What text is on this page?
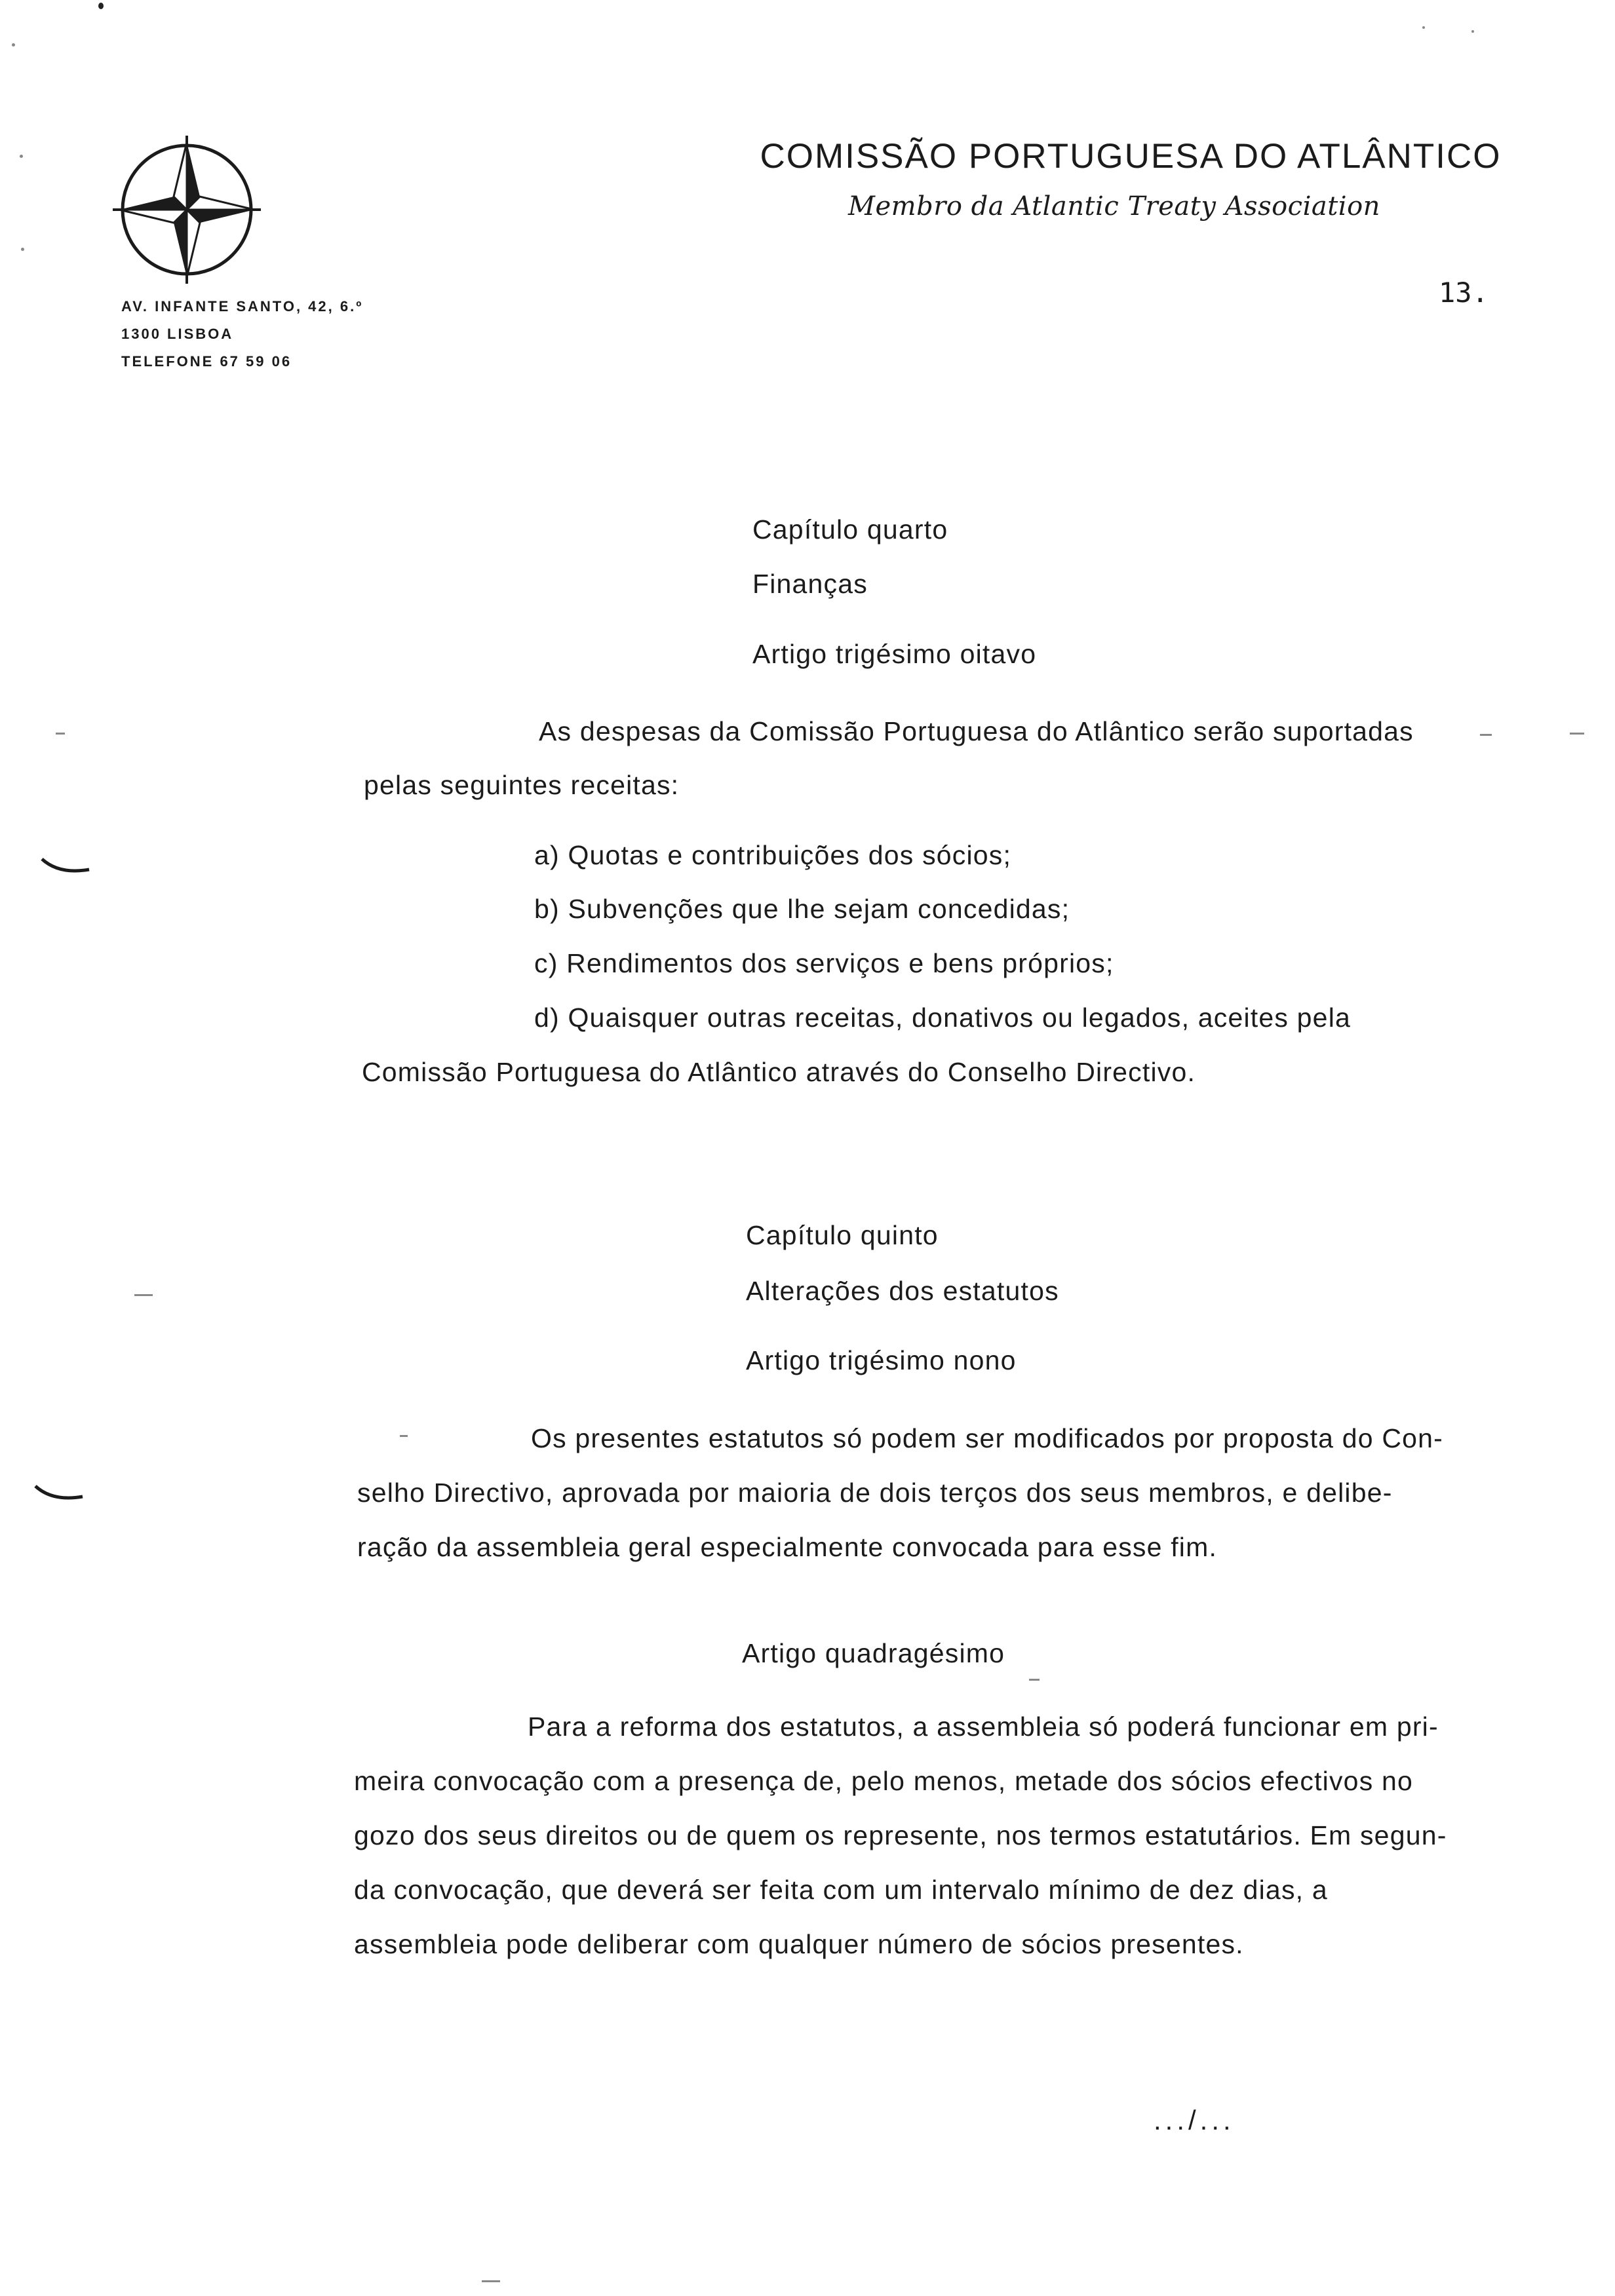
COMISSÃO PORTUGUESA DO ATLÂNTICO
Membro da Atlantic Treaty Association
AV. INFANTE SANTO, 42, 6.º
1300 LISBOA
TELEFONE 67 59 06
13.
Capítulo quarto
Finanças
Artigo trigésimo oitavo
As despesas da Comissão Portuguesa do Atlântico serão suportadas
pelas seguintes receitas:
a) Quotas e contribuições dos sócios;
b) Subvenções que lhe sejam concedidas;
c) Rendimentos dos serviços e bens próprios;
d) Quaisquer outras receitas, donativos ou legados, aceites pela
Comissão Portuguesa do Atlântico através do Conselho Directivo.
Capítulo quinto
Alterações dos estatutos
Artigo trigésimo nono
Os presentes estatutos só podem ser modificados por proposta do Con-
selho Directivo, aprovada por maioria de dois terços dos seus membros, e delibe-
ração da assembleia geral especialmente convocada para esse fim.
Artigo quadragésimo
Para a reforma dos estatutos, a assembleia só poderá funcionar em pri-
meira convocação com a presença de, pelo menos, metade dos sócios efectivos no
gozo dos seus direitos ou de quem os represente, nos termos estatutários. Em segun-
da convocação, que deverá ser feita com um intervalo mínimo de dez dias, a
assembleia pode deliberar com qualquer número de sócios presentes.
.../...
